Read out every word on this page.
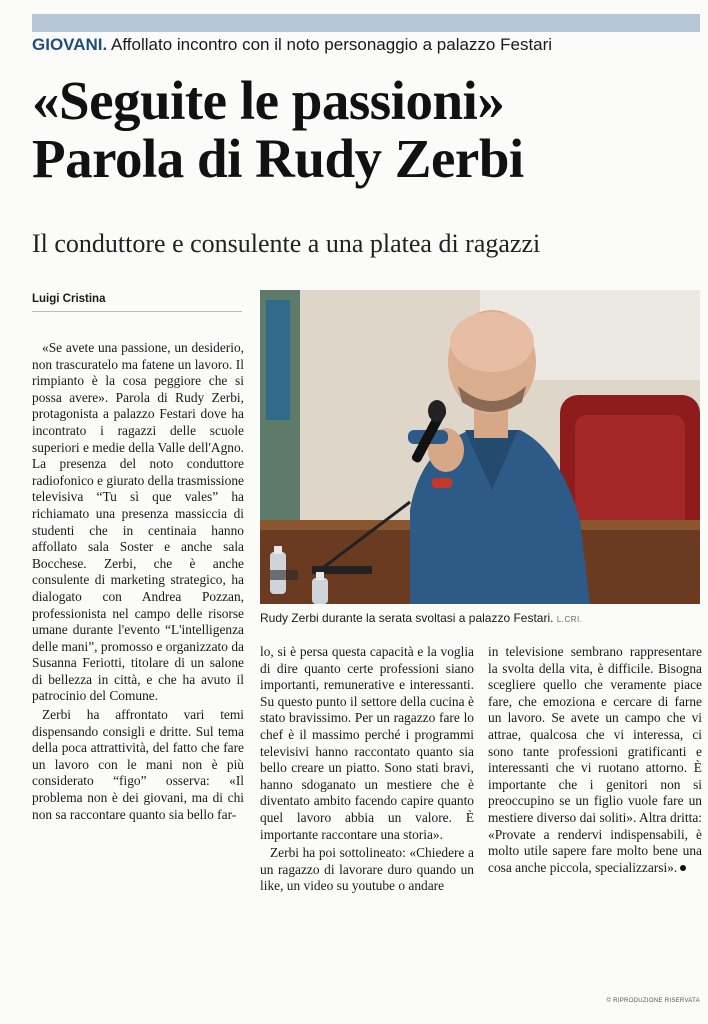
GIOVANI. Affollato incontro con il noto personaggio a palazzo Festari
«Seguite le passioni»
Parola di Rudy Zerbi
Il conduttore e consulente a una platea di ragazzi
Luigi Cristina

«Se avete una passione, un desiderio, non trascuratelo ma fatene un lavoro. Il rimpianto è la cosa peggiore che si possa avere». Parola di Rudy Zerbi, protagonista a palazzo Festari dove ha incontrato i ragazzi delle scuole superiori e medie della Valle dell'Agno. La presenza del noto conduttore radiofonico e giurato della trasmissione televisiva “Tu sì que vales” ha richiamato una presenza massiccia di studenti che in centinaia hanno affollato sala Soster e anche sala Bocchese. Zerbi, che è anche consulente di marketing strategico, ha dialogato con Andrea Pozzan, professionista nel campo delle risorse umane durante l'evento “L'intelligenza delle mani”, promosso e organizzato da Susanna Feriotti, titolare di un salone di bellezza in città, e che ha avuto il patrocinio del Comune.

Zerbi ha affrontato vari temi dispensando consigli e dritte. Sul tema della poca attrattività, del fatto che fare un lavoro con le mani non è più considerato “figo” osserva: «Il problema non è dei giovani, ma di chi non sa raccontare quanto sia bello far-

Rudy Zerbi durante la serata svoltasi a palazzo Festari. L.CRI.

lo, si è persa questa capacità e la voglia di dire quanto certe professioni siano importanti, remunerative e interessanti. Su questo punto il settore della cucina è stato bravissimo. Per un ragazzo fare lo chef è il massimo perché i programmi televisivi hanno raccontato quanto sia bello creare un piatto. Sono stati bravi, hanno sdoganato un mestiere che è diventato ambito facendo capire quanto quel lavoro abbia un valore. È importante raccontare una storia».

Zerbi ha poi sottolineato: «Chiedere a un ragazzo di lavorare duro quando un like, un video su youtube o andare

in televisione sembrano rappresentare la svolta della vita, è difficile. Bisogna scegliere quello che veramente piace fare, che emoziona e cercare di farne un lavoro. Se avete un campo che vi attrae, qualcosa che vi interessa, ci sono tante professioni gratificanti e interessanti che vi ruotano attorno. È importante che i genitori non si preoccupino se un figlio vuole fare un mestiere diverso dai soliti». Altra dritta: «Provate a rendervi indispensabili, è molto utile sapere fare molto bene una cosa anche piccola, specializzarsi».

© RIPRODUZIONE RISERVATA
